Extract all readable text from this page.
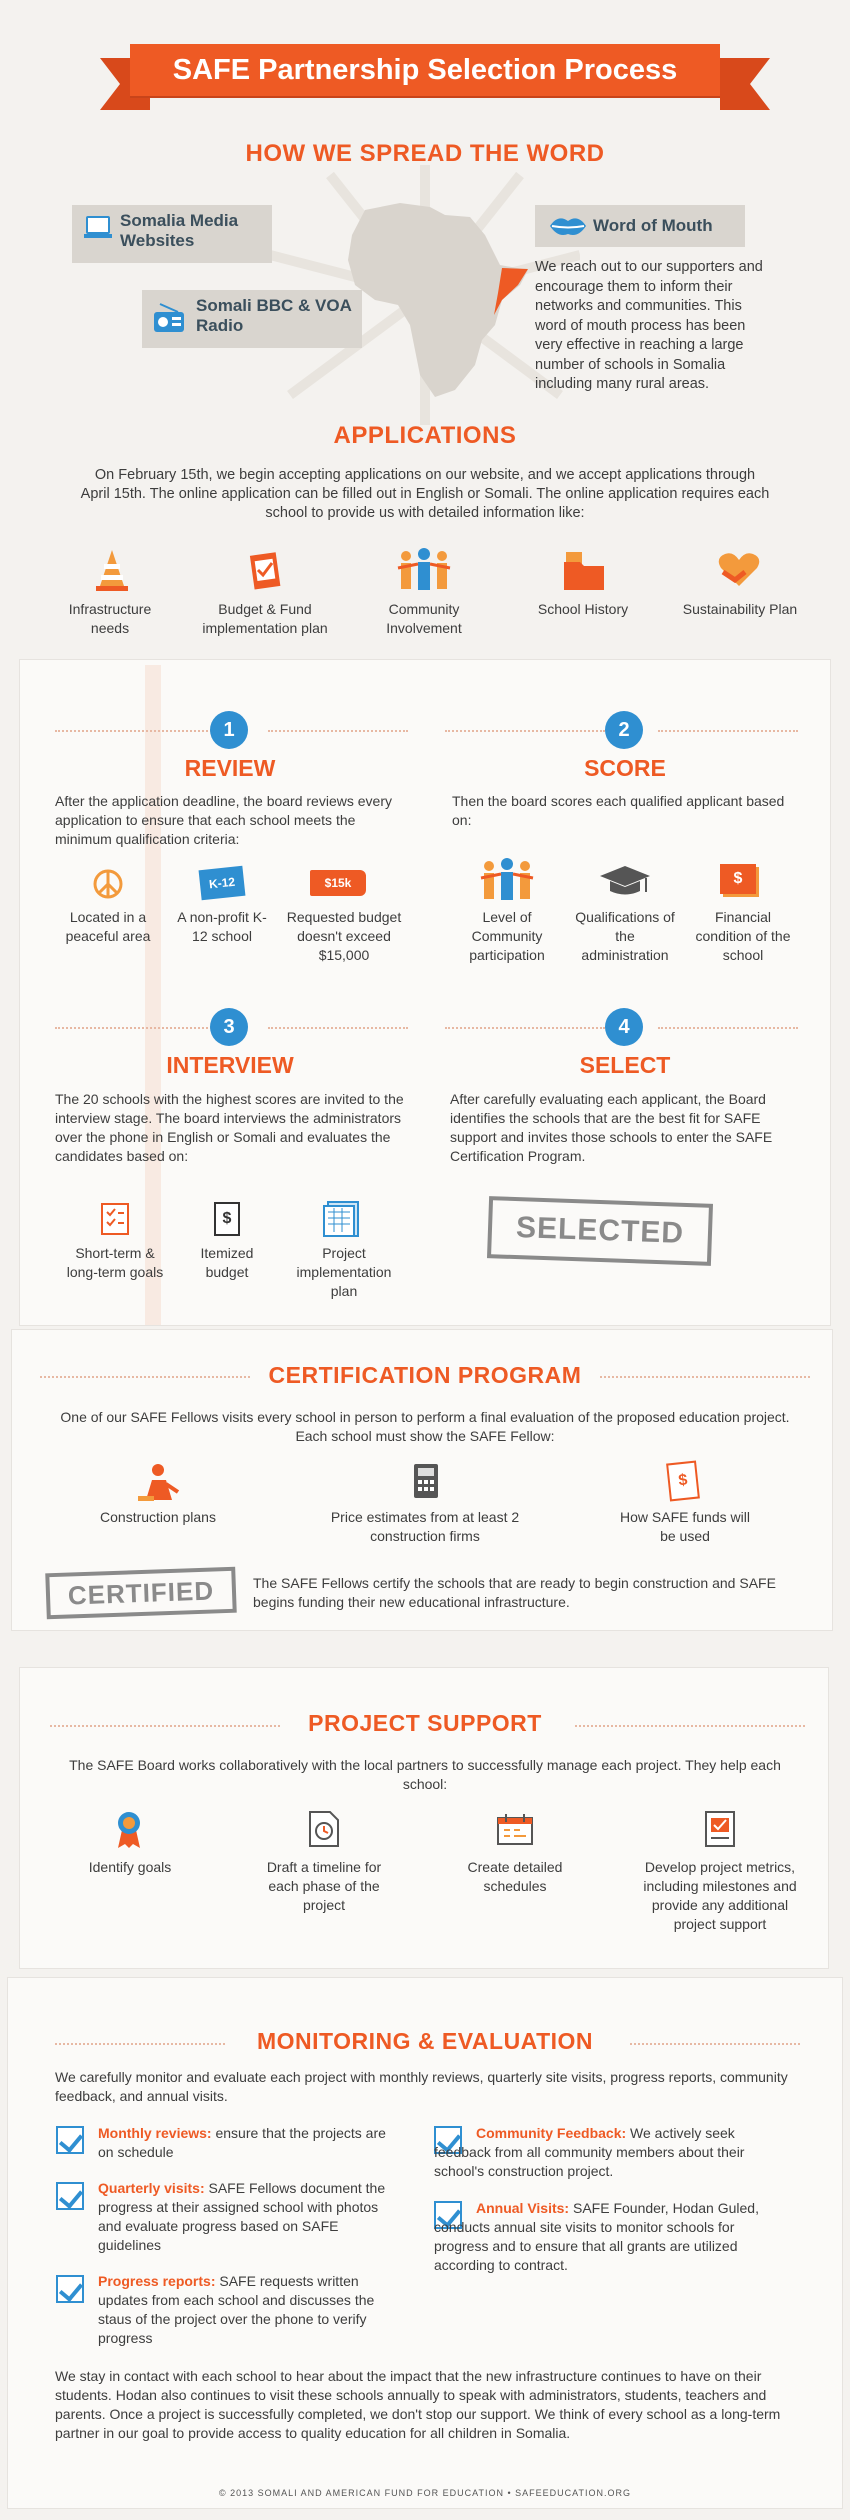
SAFE Partnership Selection Process
HOW WE SPREAD THE WORD
Somalia Media Websites
Somali BBC & VOA Radio
Word of Mouth
We reach out to our supporters and encourage them to inform their networks and communities. This word of mouth process has been very effective in reaching a large number of schools in Somalia including many rural areas.
APPLICATIONS
On February 15th, we begin accepting applications on our website, and we accept applications through April 15th. The online application can be filled out in English or Somali. The online application requires each school to provide us with detailed information like:
Infrastructure needs
Budget & Fund implementation plan
Community Involvement
School History	Sustainability Plan
1
REVIEW
After the application deadline, the board reviews every application to ensure that each school meets the minimum qualification criteria:
Located in a peaceful area
K-12
A non-profit K-12 school
$15k
Requested budget doesn't exceed $15,000
2
SCORE
Then the board scores each qualified applicant based on:
Level of Community participation
Qualifications of the administration
$
Financial condition of the school
3
INTERVIEW
The 20 schools with the highest scores are invited to the interview stage. The board interviews the administrators over the phone in English or Somali and evaluates the candidates based on:
Short-term & long-term goals
$
Itemized budget
Project implementation plan
4
SELECT
After carefully evaluating each applicant, the Board identifies the schools that are the best fit for SAFE support and invites those schools to enter the SAFE Certification Program.
SELECTED
CERTIFICATION PROGRAM
One of our SAFE Fellows visits every school in person to perform a final evaluation of the proposed education project. Each school must show the SAFE Fellow:
Construction plans	Price estimates from at least 2 construction firms
$
How SAFE funds will be used
CERTIFIED	The SAFE Fellows certify the schools that are ready to begin construction and SAFE begins funding their new educational infrastructure.
PROJECT SUPPORT
The SAFE Board works collaboratively with the local partners to successfully manage each project. They help each school:
Identify goals	Draft a timeline for each phase of the project
Create detailed schedules
Develop project metrics, including milestones and provide any additional project support
MONITORING & EVALUATION
We carefully monitor and evaluate each project with monthly reviews, quarterly site visits, progress reports, community feedback, and annual visits.
Monthly reviews: ensure that the projects are on schedule
Quarterly visits: SAFE Fellows document the progress at their assigned school with photos and evaluate progress based on SAFE guidelines
Progress reports: SAFE requests written updates from each school and discusses the staus of the project over the phone to verify progress
Community Feedback: We actively seek feedback from all community members about their school's construction project.
Annual Visits: SAFE Founder, Hodan Guled, conducts annual site visits to monitor schools for progress and to ensure that all grants are utilized according to contract.
We stay in contact with each school to hear about the impact that the new infrastructure continues to have on their students. Hodan also continues to visit these schools annually to speak with administrators, students, teachers and parents. Once a project is successfully completed, we don't stop our support. We think of every school as a long-term partner in our goal to provide access to quality education for all children in Somalia.
© 2013 SOMALI AND AMERICAN FUND FOR EDUCATION • SAFEEDUCATION.ORG
